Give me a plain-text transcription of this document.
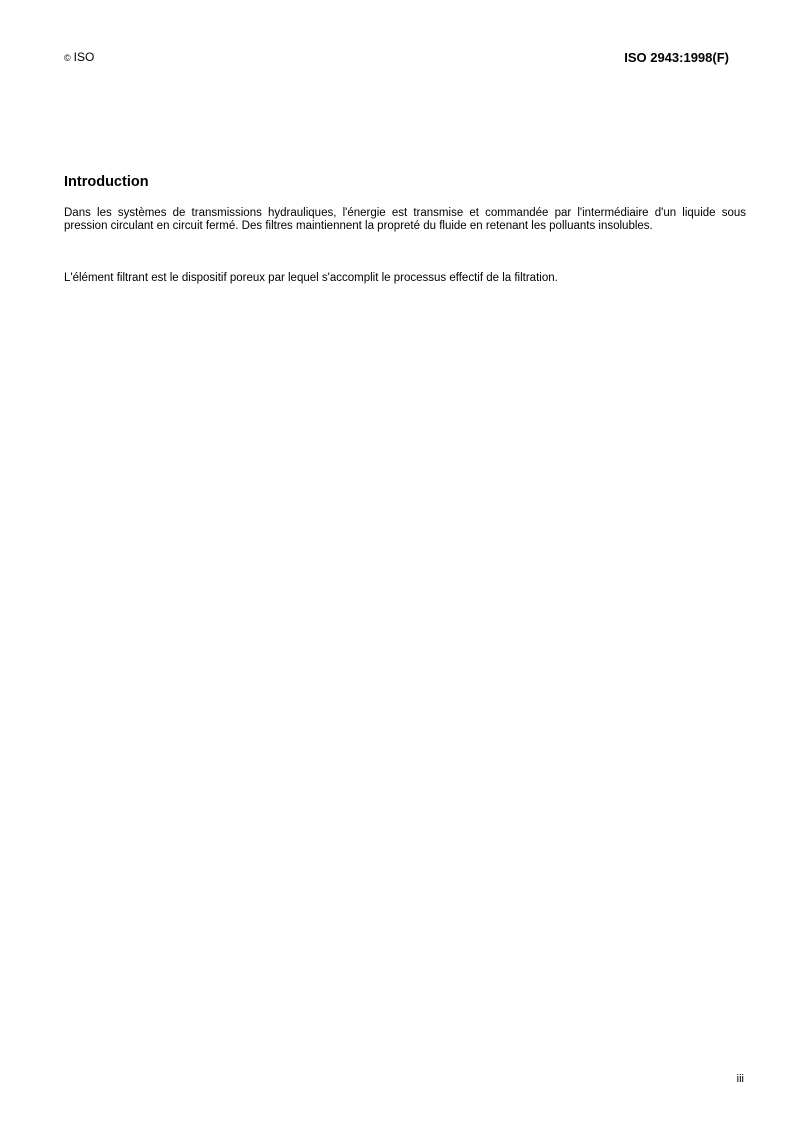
© ISO	ISO 2943:1998(F)
Introduction

Dans les systèmes de transmissions hydrauliques, l'énergie est transmise et commandée par l'intermédiaire d'un liquide sous pression circulant en circuit fermé. Des filtres maintiennent la propreté du fluide en retenant les polluants insolubles.

L'élément filtrant est le dispositif poreux par lequel s'accomplit le processus effectif de la filtration.

iii
